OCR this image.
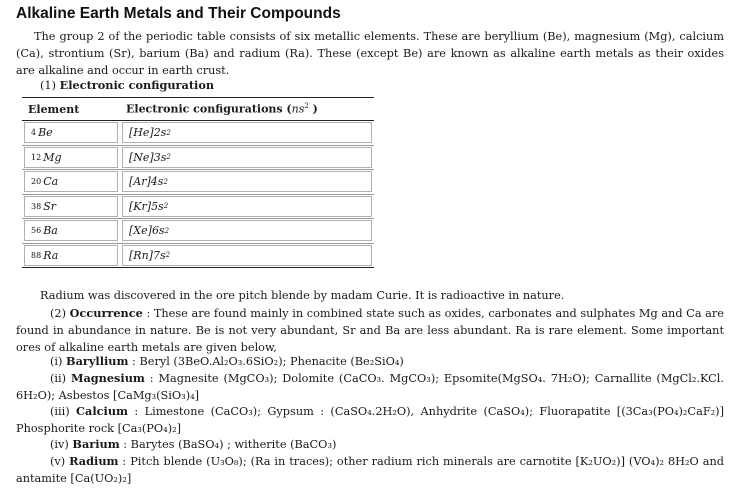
Alkaline Earth Metals and Their Compounds
The group 2 of the periodic table consists of six metallic elements. These are beryllium (Be), magnesium (Mg), calcium (Ca), strontium (Sr), barium (Ba) and radium (Ra). These (except Be) are known as alkaline earth metals as their oxides are alkaline and occur in earth crust.
(1) Electronic configuration
Element	Electronic configurations ($ns^2$ )

4 Be	[He] 2s 2

12 Mg	[Ne] 3s 2

20 Ca	[Ar] 4s 2

38 Sr	[Kr] 5s 2

56 Ba	[Xe] 6s 2

88 Ra	[Rn] 7s 2
Radium was discovered in the ore pitch blende by madam Curie. It is radioactive in nature.
(2) Occurrence : These are found mainly in combined state such as oxides, carbonates and sulphates Mg and Ca are found in abundance in nature. Be is not very abundant, Sr and Ba are less abundant. Ra is rare element. Some important ores of alkaline earth metals are given below,
(i) Baryllium : Beryl (3BeO.Al₂O₃.6SiO₂); Phenacite (Be₂SiO₄)
(ii) Magnesium : Magnesite (MgCO₃); Dolomite (CaCO₃. MgCO₃); Epsomite(MgSO₄. 7H₂O); Carnallite (MgCl₂.KCl. 6H₂O); Asbestos [CaMg₃(SiO₃)₄]
(iii) Calcium : Limestone (CaCO₃); Gypsum : (CaSO₄.2H₂O), Anhydrite (CaSO₄); Fluorapatite [(3Ca₃(PO₄)₂CaF₂)] Phosphorite rock [Ca₃(PO₄)₂]
(iv) Barium : Barytes (BaSO₄) ; witherite (BaCO₃)
(v) Radium : Pitch blende (U₃O₈); (Ra in traces); other radium rich minerals are carnotite [K₂UO₂)] (VO₄)₂ 8H₂O and antamite [Ca(UO₂)₂]
